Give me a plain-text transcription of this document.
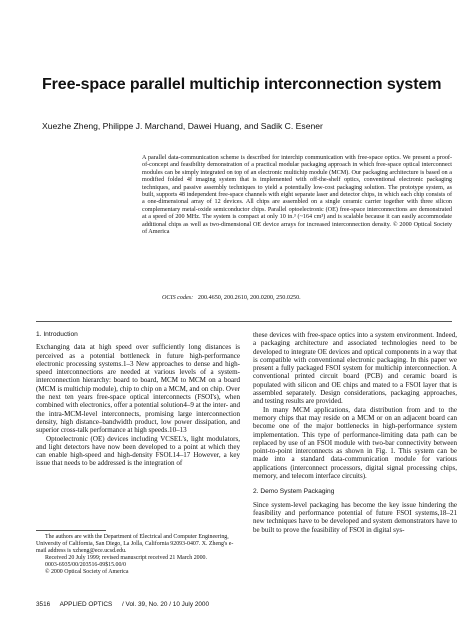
Free-space parallel multichip interconnection system
Xuezhe Zheng, Philippe J. Marchand, Dawei Huang, and Sadik C. Esener
A parallel data-communication scheme is described for interchip communication with free-space optics. We present a proof-of-concept and feasibility demonstration of a practical modular packaging approach in which free-space optical interconnect modules can be simply integrated on top of an electronic multichip module (MCM). Our packaging architecture is based on a modified folded 4f imaging system that is implemented with off-the-shelf optics, conventional electronic packaging techniques, and passive assembly techniques to yield a potentially low-cost packaging solution. The prototype system, as built, supports 48 independent free-space channels with eight separate laser and detector chips, in which each chip consists of a one-dimensional array of 12 devices. All chips are assembled on a single ceramic carrier together with three silicon complementary metal-oxide semiconductor chips. Parallel optoelectronic (OE) free-space interconnections are demonstrated at a speed of 200 MHz. The system is compact at only 10 in.³ (~164 cm³) and is scalable because it can easily accommodate additional chips as well as two-dimensional OE device arrays for increased interconnection density. © 2000 Optical Society of America
OCIS codes: 200.4650, 200.2610, 200.0200, 250.0250.
1. Introduction

Exchanging data at high speed over sufficiently long distances is perceived as a potential bottleneck in future high-performance electronic processing systems.1–3 New approaches to dense and high-speed interconnections are needed at various levels of a system-interconnection hierarchy: board to board, MCM to MCM on a board (MCM is multichip module), chip to chip on a MCM, and on chip. Over the next ten years free-space optical interconnects (FSOI's), when combined with electronics, offer a potential solution4–9 at the inter- and the intra-MCM-level interconnects, promising large interconnection density, high distance–bandwidth product, low power dissipation, and superior cross-talk performance at high speeds.10–13

Optoelectronic (OE) devices including VCSEL's, light modulators, and light detectors have now been developed to a point at which they can enable high-speed and high-density FSOI.14–17 However, a key issue that needs to be addressed is the integration of

these devices with free-space optics into a system environment. Indeed, a packaging architecture and associated technologies need to be developed to integrate OE devices and optical components in a way that is compatible with conventional electronic packaging. In this paper we present a fully packaged FSOI system for multichip interconnection. A conventional printed circuit board (PCB) and ceramic board is populated with silicon and OE chips and mated to a FSOI layer that is assembled separately. Design considerations, packaging approaches, and testing results are provided.

In many MCM applications, data distribution from and to the memory chips that may reside on a MCM or on an adjacent board can become one of the major bottlenecks in high-performance system implementation. This type of performance-limiting data path can be replaced by use of an FSOI module with two-bar connectivity between point-to-point interconnects as shown in Fig. 1. This system can be made into a standard data-communication module for various applications (interconnect processors, digital signal processing chips, memory, and telecom interface circuits).

2. Demo System Packaging

Since system-level packaging has become the key issue hindering the feasibility and performance potential of future FSOI systems,18–21 new techniques have to be developed and system demonstrators have to be built to prove the feasibility of FSOI in digital sys-

The authors are with the Department of Electrical and Computer Engineering, University of California, San Diego, La Jolla, California 92093-0407. X. Zheng's e-mail address is xzheng@ece.ucsd.edu.

Received 20 July 1999; revised manuscript received 21 March 2000.

0003-6935/00/203516-09$15.00/0

© 2000 Optical Society of America

3516 APPLIED OPTICS / Vol. 39, No. 20 / 10 July 2000
